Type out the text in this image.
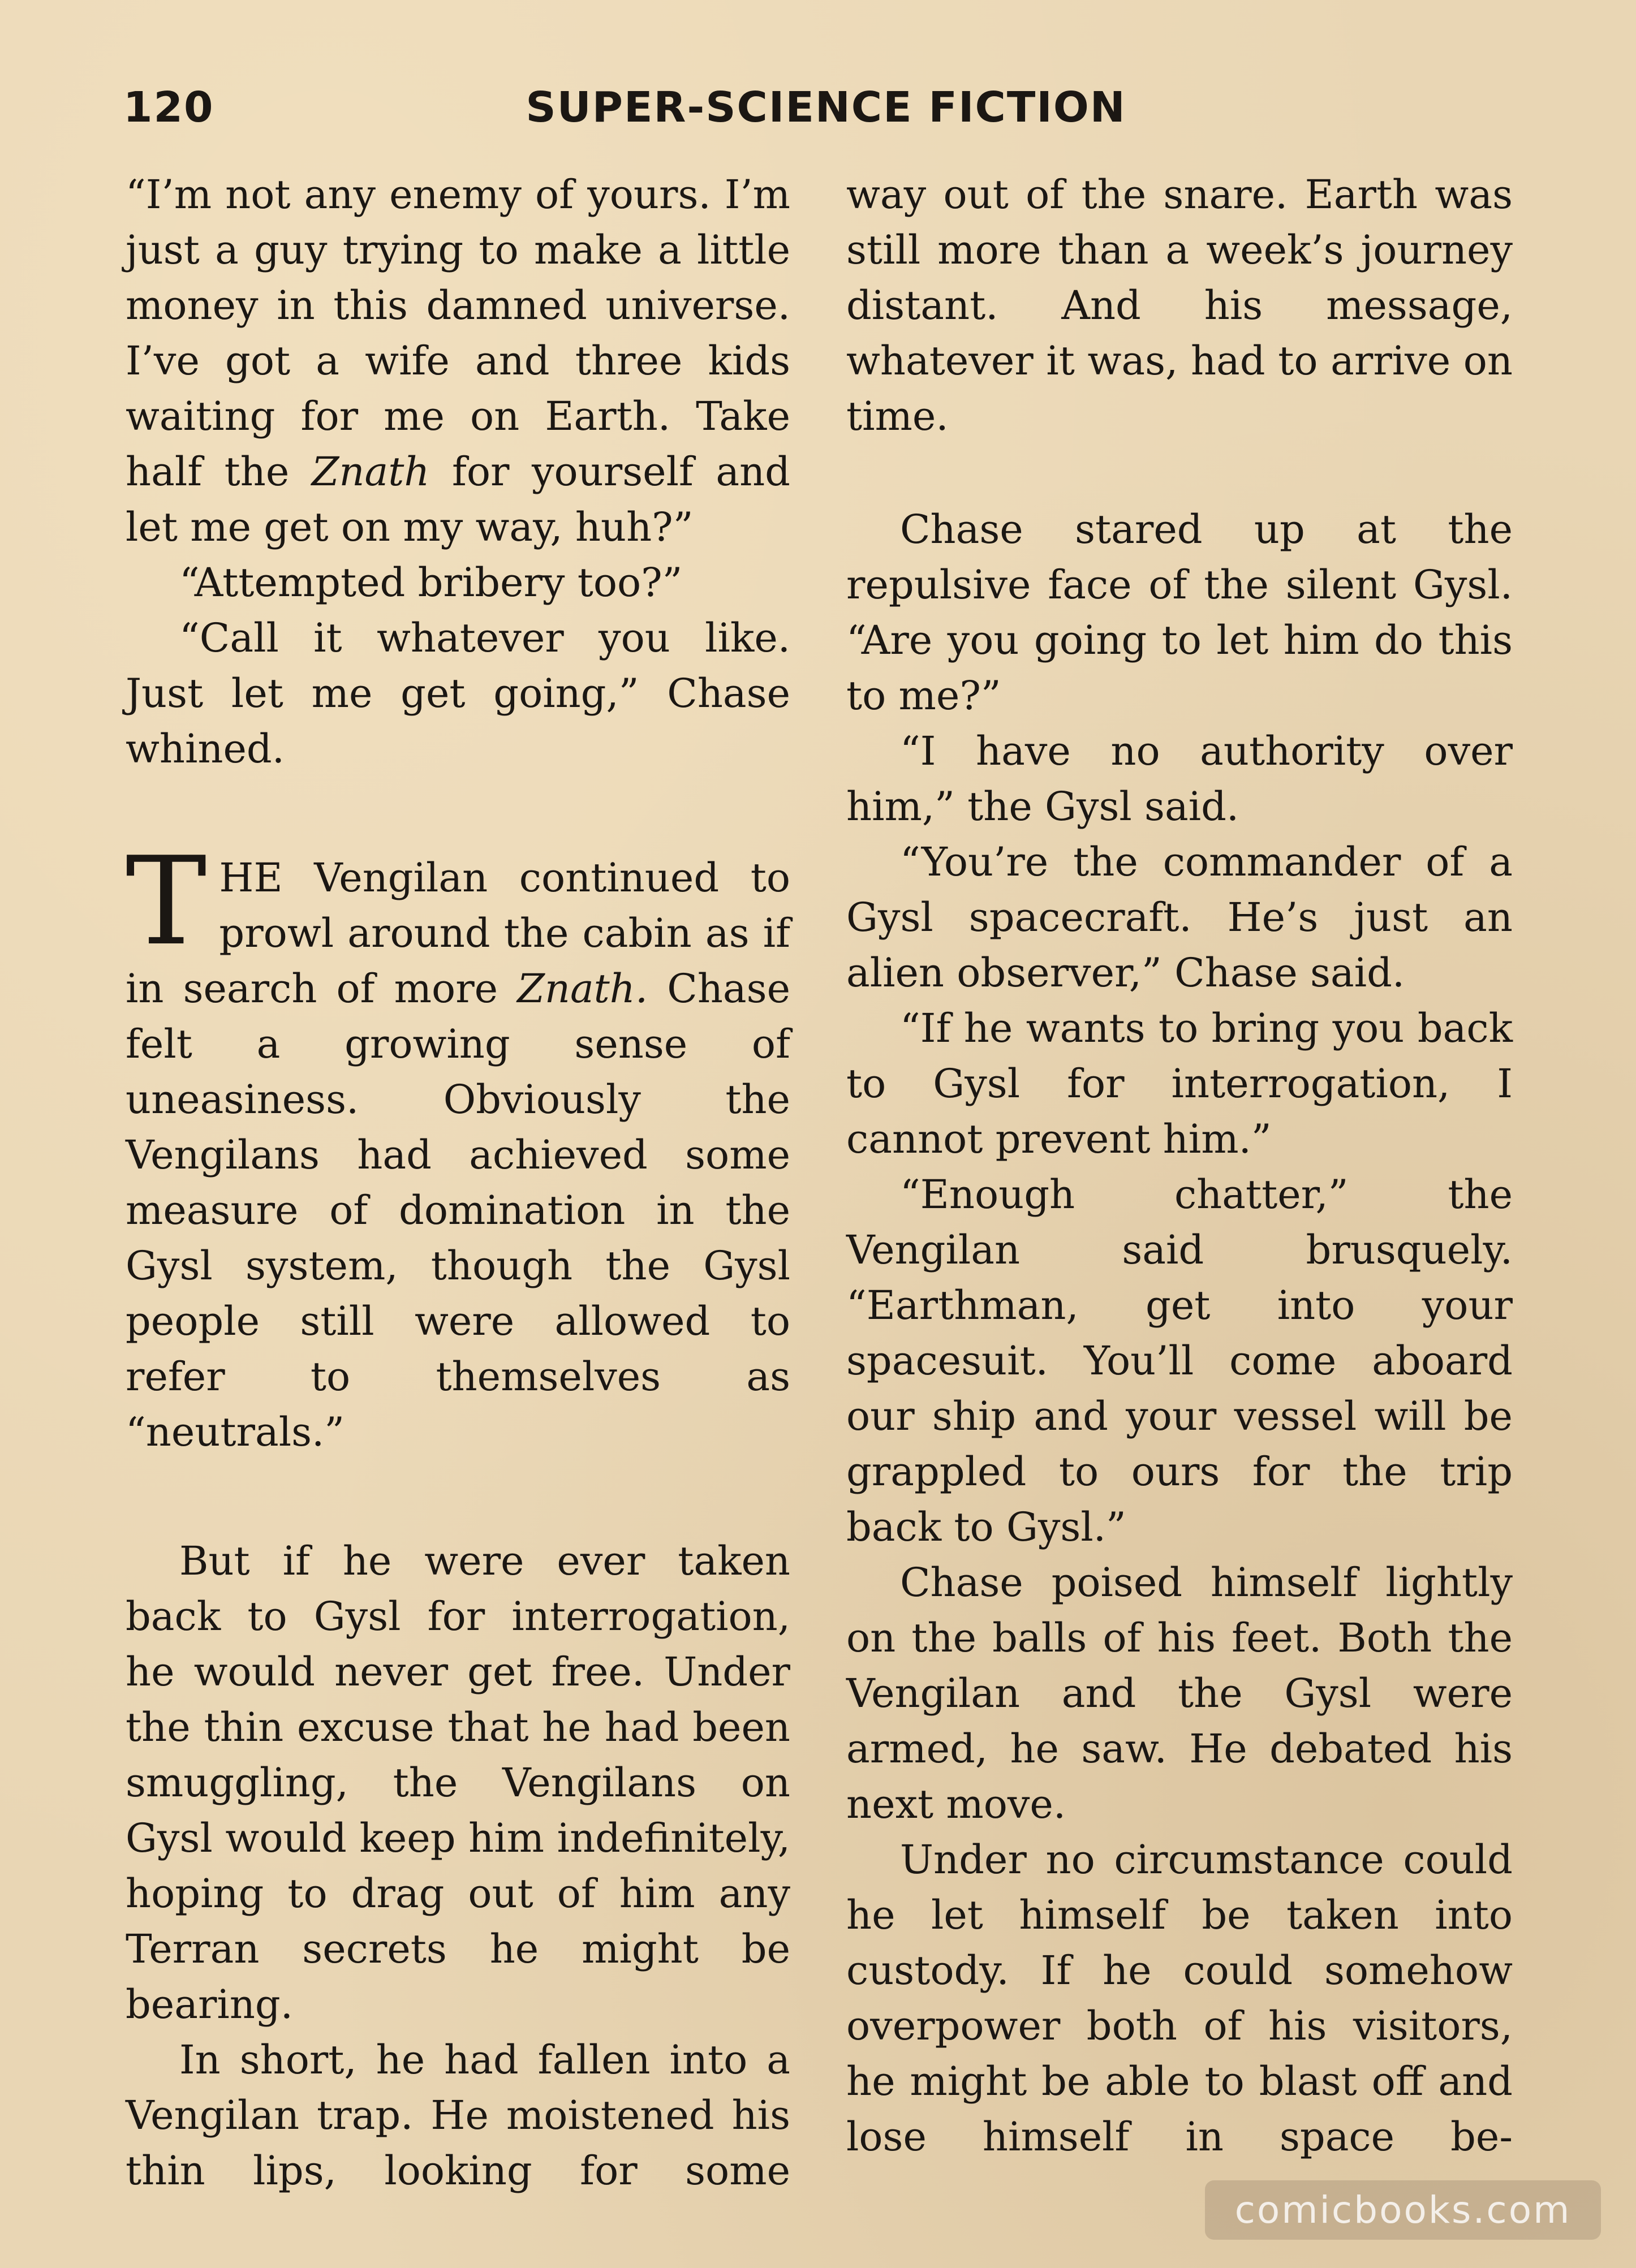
120	SUPER-SCIENCE FICTION

“I’m not any enemy of yours. I’m just a guy trying to make a little money in this damned universe. I’ve got a wife and three kids waiting for me on Earth. Take half the Znath for yourself and let me get on my way, huh?”

“Attempted bribery too?”

“Call it whatever you like. Just let me get going,” Chase whined.

THE Vengilan continued to prowl around the cabin as if in search of more Znath. Chase felt a growing sense of uneasiness. Obviously the Vengilans had achieved some measure of domination in the Gysl system, though the Gysl people still were allowed to refer to themselves as “neutrals.”

But if he were ever taken back to Gysl for interrogation, he would never get free. Under the thin excuse that he had been smuggling, the Vengilans on Gysl would keep him indefinitely, hoping to drag out of him any Terran secrets he might be bearing.

In short, he had fallen into a Vengilan trap. He moistened his thin lips, looking for some

way out of the snare. Earth was still more than a week’s journey distant. And his message, whatever it was, had to arrive on time.

Chase stared up at the repulsive face of the silent Gysl. “Are you going to let him do this to me?”

“I have no authority over him,” the Gysl said.

“You’re the commander of a Gysl spacecraft. He’s just an alien observer,” Chase said.

“If he wants to bring you back to Gysl for interrogation, I cannot prevent him.”

“Enough chatter,” the Vengilan said brusquely. “Earthman, get into your spacesuit. You’ll come aboard our ship and your vessel will be grappled to ours for the trip back to Gysl.”

Chase poised himself lightly on the balls of his feet. Both the Vengilan and the Gysl were armed, he saw. He debated his next move.

Under no circumstance could he let himself be taken into custody. If he could somehow overpower both of his visitors, he might be able to blast off and lose himself in space be-

comicbooks.com
